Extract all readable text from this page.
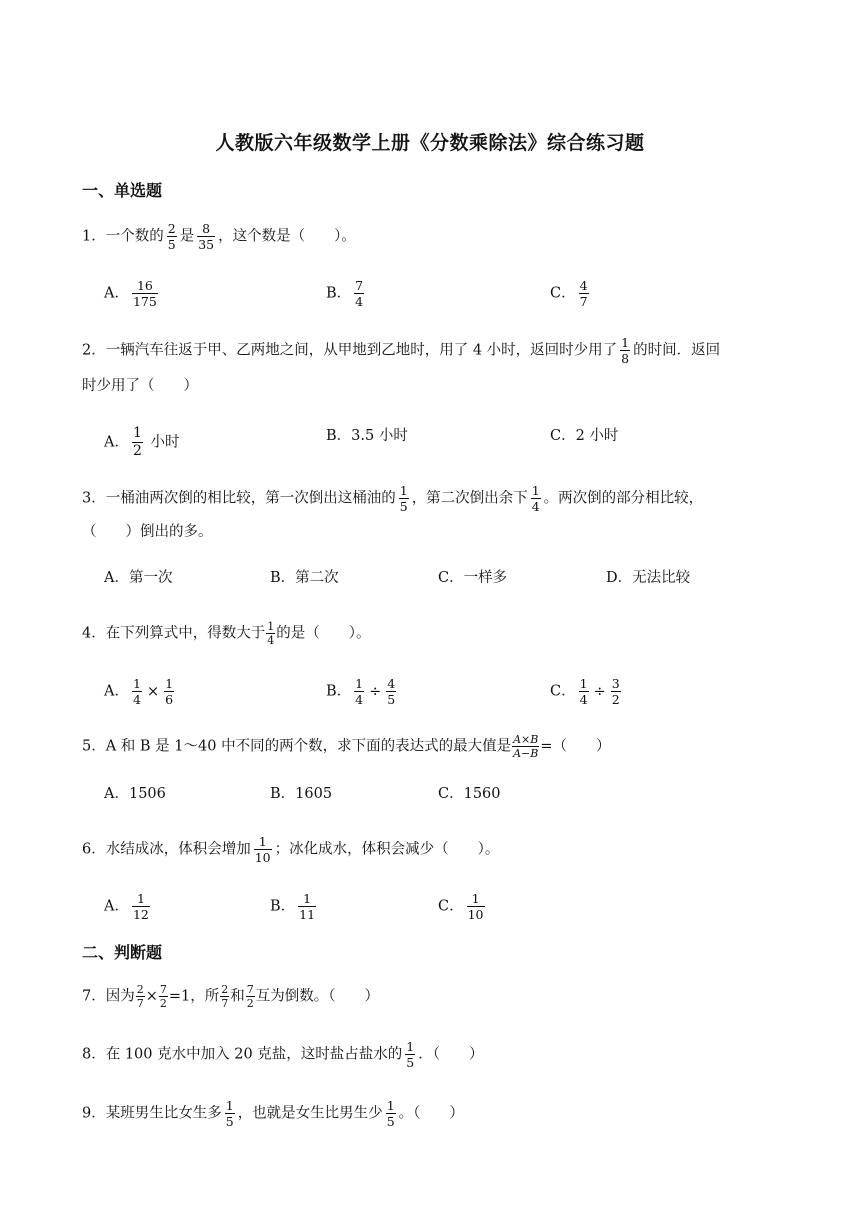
人教版六年级数学上册《分数乘除法》综合练习题
一、单选题
1．一个数的 $\frac{2}{5}$ 是 $\frac{8}{35}$ ，这个数是（　　）。
A． $\frac{16}{175}$	B． $\frac{7}{4}$	C． $\frac{4}{7}$
2．一辆汽车往返于甲、乙两地之间，从甲地到乙地时，用了 4 小时，返回时少用了 $\frac{1}{8}$ 的时间．返回
时少用了（　　）
A． $\frac{1}{2}$ 小时	B．3.5 小时	C．2 小时
3．一桶油两次倒的相比较，第一次倒出这桶油的 $\frac{1}{5}$ ，第二次倒出余下 $\frac{1}{4}$ 。两次倒的部分相比较，
（　　）倒出的多。
A．第一次	B．第二次	C．一样多	D．无法比较
4．在下列算式中，得数大于 $\frac{1}{4}$ 的是（　　）。
A． $\frac{1}{4} \times \frac{1}{6}$	B． $\frac{1}{4} \div \frac{4}{5}$	C． $\frac{1}{4} \div \frac{3}{2}$
5．A 和 B 是 1～40 中不同的两个数，求下面的表达式的最大值是 $\frac{A\times B}{A-B}$ =（　　）
A．1506	B．1605	C．1560
6．水结成冰，体积会增加 $\frac{1}{10}$ ；冰化成水，体积会减少（　　）。
A． $\frac{1}{12}$	B． $\frac{1}{11}$	C． $\frac{1}{10}$
二、判断题
7．因为 $\frac{2}{7} \times \frac{7}{2} =1$，所 $\frac{2}{7}$ 和 $\frac{7}{2}$ 互为倒数。（　　）
8．在 100 克水中加入 20 克盐，这时盐占盐水的 $\frac{1}{5}$ ．（　　）
9．某班男生比女生多 $\frac{1}{5}$ ，也就是女生比男生少 $\frac{1}{5}$ 。（　　）
